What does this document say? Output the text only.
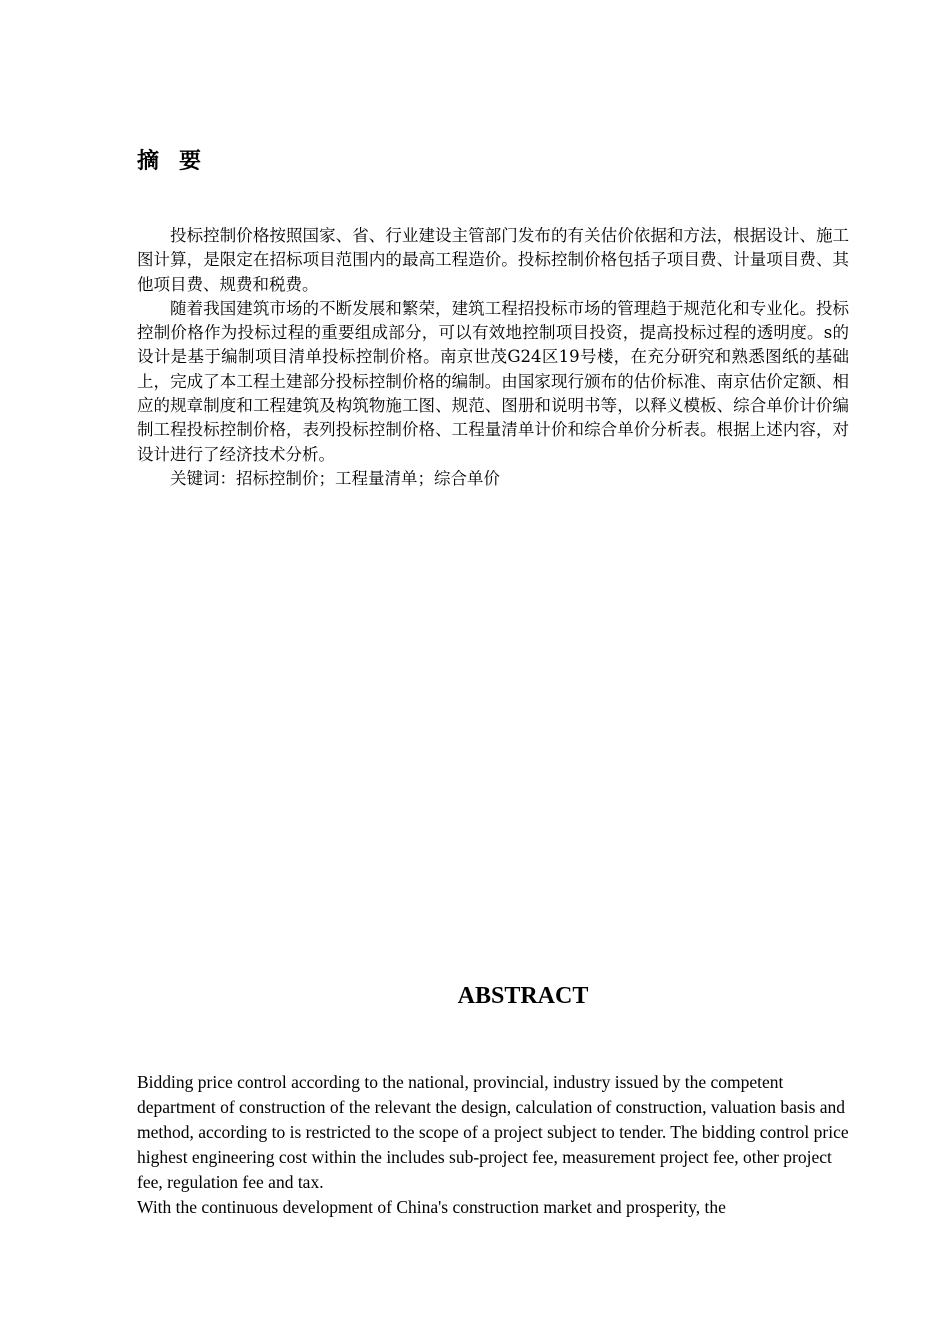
摘要

投标控制价格按照国家、省、行业建设主管部门发布的有关估价依据和方法，根据设计、施工图计算，是限定在招标项目范围内的最高工程造价。投标控制价格包括子项目费、计量项目费、其他项目费、规费和税费。

随着我国建筑市场的不断发展和繁荣，建筑工程招投标市场的管理趋于规范化和专业化。投标控制价格作为投标过程的重要组成部分，可以有效地控制项目投资，提高投标过程的透明度。s的设计是基于编制项目清单投标控制价格。南京世茂G24区19号楼，在充分研究和熟悉图纸的基础上，完成了本工程土建部分投标控制价格的编制。由国家现行颁布的估价标准、南京估价定额、相应的规章制度和工程建筑及构筑物施工图、规范、图册和说明书等，以释义模板、综合单价计价编制工程投标控制价格，表列投标控制价格、工程量清单计价和综合单价分析表。根据上述内容，对设计进行了经济技术分析。

关键词：招标控制价；工程量清单；综合单价

ABSTRACT

Bidding price control according to the national, provincial, industry issued by the competent department of construction of the relevant the design, calculation of construction, valuation basis and method, according to is restricted to the scope of a project subject to tender. The bidding control price highest engineering cost within the includes sub-project fee, measurement project fee, other project fee, regulation fee and tax.

With the continuous development of China's construction market and prosperity, the
